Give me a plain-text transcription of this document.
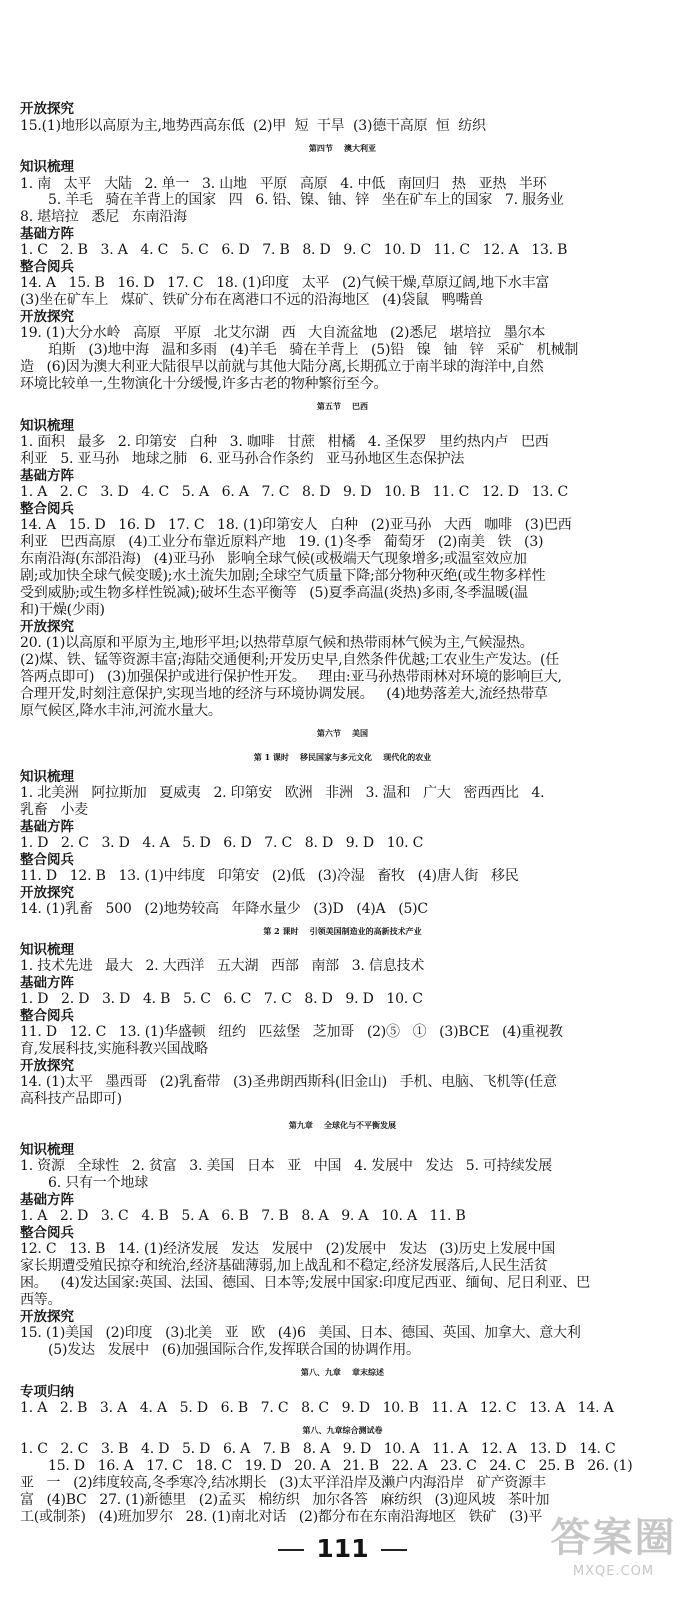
开放探究
15.(1)地形以高原为主,地势西高东低  (2)甲  短  干旱  (3)德干高原  恒  纺织
第四节    澳大利亚
知识梳理
1. 南   太平   大陆   2. 单一   3. 山地   平原   高原   4. 中低   南回归   热   亚热   半环
5. 羊毛   骑在羊背上的国家   四   6. 铅、镍、铀、锌   坐在矿车上的国家   7. 服务业
8. 堪培拉   悉尼   东南沿海
基础方阵
1. C   2. B   3. A   4. C   5. C   6. D   7. B   8. D   9. C   10. D   11. C   12. A   13. B
整合阅兵
14. A   15. B   16. D   17. C   18. (1)印度   太平   (2)气候干燥,草原辽阔,地下水丰富
(3)坐在矿车上   煤矿、铁矿分布在离港口不远的沿海地区   (4)袋鼠   鸭嘴兽
开放探究
19. (1)大分水岭   高原   平原   北艾尔湖   西   大自流盆地   (2)悉尼   堪培拉   墨尔本
珀斯   (3)地中海   温和多雨   (4)羊毛   骑在羊背上   (5)铅   镍   铀   锌   采矿   机械制
造   (6)因为澳大利亚大陆很早以前就与其他大陆分离,长期孤立于南半球的海洋中,自然
环境比较单一,生物演化十分缓慢,许多古老的物种繁衍至今。
第五节    巴西
知识梳理
1. 面积   最多   2. 印第安   白种   3. 咖啡   甘蔗   柑橘   4. 圣保罗   里约热内卢   巴西
利亚   5. 亚马孙   地球之肺   6. 亚马孙合作条约   亚马孙地区生态保护法
基础方阵
1. A   2. C   3. D   4. C   5. A   6. A   7. C   8. D   9. D   10. B   11. C   12. D   13. C
整合阅兵
14. A   15. D   16. D   17. C   18. (1)印第安人   白种   (2)亚马孙   大西   咖啡   (3)巴西
利亚   巴西高原   (4)工业分布靠近原料产地   19. (1)冬季   葡萄牙   (2)南美   铁   (3)
东南沿海(东部沿海)   (4)亚马孙   影响全球气候(或极端天气现象增多;或温室效应加
剧;或加快全球气候变暖);水土流失加剧;全球空气质量下降;部分物种灭绝(或生物多样性
受到威胁;或生物多样性锐减);破坏生态平衡等   (5)夏季高温(炎热)多雨,冬季温暖(温
和)干燥(少雨)
开放探究
20. (1)以高原和平原为主,地形平坦;以热带草原气候和热带雨林气候为主,气候湿热。
(2)煤、铁、锰等资源丰富;海陆交通便利;开发历史早,自然条件优越;工农业生产发达。(任
答两点即可)   (3)加强保护或进行保护性开发。   理由:亚马孙热带雨林对环境的影响巨大,
合理开发,时刻注意保护,实现当地的经济与环境协调发展。   (4)地势落差大,流经热带草
原气候区,降水丰沛,河流水量大。
第六节    美国
第 1 课时    移民国家与多元文化    现代化的农业
知识梳理
1. 北美洲   阿拉斯加   夏威夷   2. 印第安   欧洲   非洲   3. 温和   广大   密西西比   4.
乳畜   小麦
基础方阵
1. D   2. C   3. D   4. A   5. D   6. D   7. C   8. D   9. D   10. C
整合阅兵
11. D   12. B   13. (1)中纬度   印第安   (2)低   (3)冷湿   畜牧   (4)唐人街   移民
开放探究
14. (1)乳畜   500   (2)地势较高   年降水量少   (3)D   (4)A   (5)C
第 2 课时    引领美国制造业的高新技术产业
知识梳理
1. 技术先进   最大   2. 大西洋   五大湖   西部   南部   3. 信息技术
基础方阵
1. D   2. D   3. D   4. B   5. C   6. C   7. C   8. D   9. D   10. C
整合阅兵
11. D   12. C   13. (1)华盛顿   纽约   匹兹堡   芝加哥   (2)⑤   ①   (3)BCE   (4)重视教
育,发展科技,实施科教兴国战略
开放探究
14. (1)太平   墨西哥   (2)乳畜带   (3)圣弗朗西斯科(旧金山)   手机、电脑、飞机等(任意
高科技产品即可)
第九章    全球化与不平衡发展
知识梳理
1. 资源   全球性   2. 贫富   3. 美国   日本   亚   中国   4. 发展中   发达   5. 可持续发展
6. 只有一个地球
基础方阵
1. A   2. D   3. C   4. B   5. A   6. B   7. B   8. A   9. A   10. A   11. B
整合阅兵
12. C   13. B   14. (1)经济发展   发达   发展中   (2)发展中   发达   (3)历史上发展中国
家长期遭受殖民掠夺和统治,经济基础薄弱,加上战乱和不稳定,经济发展落后,人民生活贫
困。   (4)发达国家:英国、法国、德国、日本等;发展中国家:印度尼西亚、缅甸、尼日利亚、巴
西等。
开放探究
15. (1)美国   (2)印度   (3)北美   亚   欧   (4)6   美国、日本、德国、英国、加拿大、意大利
(5)发达   发展中   (6)加强国际合作,发挥联合国的协调作用。
第八、九章    章末综述
专项归纳
1. A   2. B   3. A   4. A   5. D   6. B   7. C   8. C   9. D   10. B   11. A   12. C   13. A   14. A
第八、九章综合测试卷
1. C   2. C   3. B   4. D   5. D   6. A   7. B   8. A   9. D   10. A   11. A   12. A   13. D   14. C
15. D   16. A   17. C   18. C   19. D   20. A   21. B   22. A   23. C   24. C   25. B   26. (1)
亚   一   (2)纬度较高,冬季寒冷,结冰期长   (3)太平洋沿岸及濑户内海沿岸   矿产资源丰
富   (4)BC   27. (1)新德里   (2)孟买   棉纺织   加尔各答   麻纺织   (3)迎风坡   茶叶加
工(或制茶)   (4)班加罗尔   28. (1)南北对话   (2)都分布在东南沿海地区   铁矿   (3)平
111	答案圈
MXQE.COM
